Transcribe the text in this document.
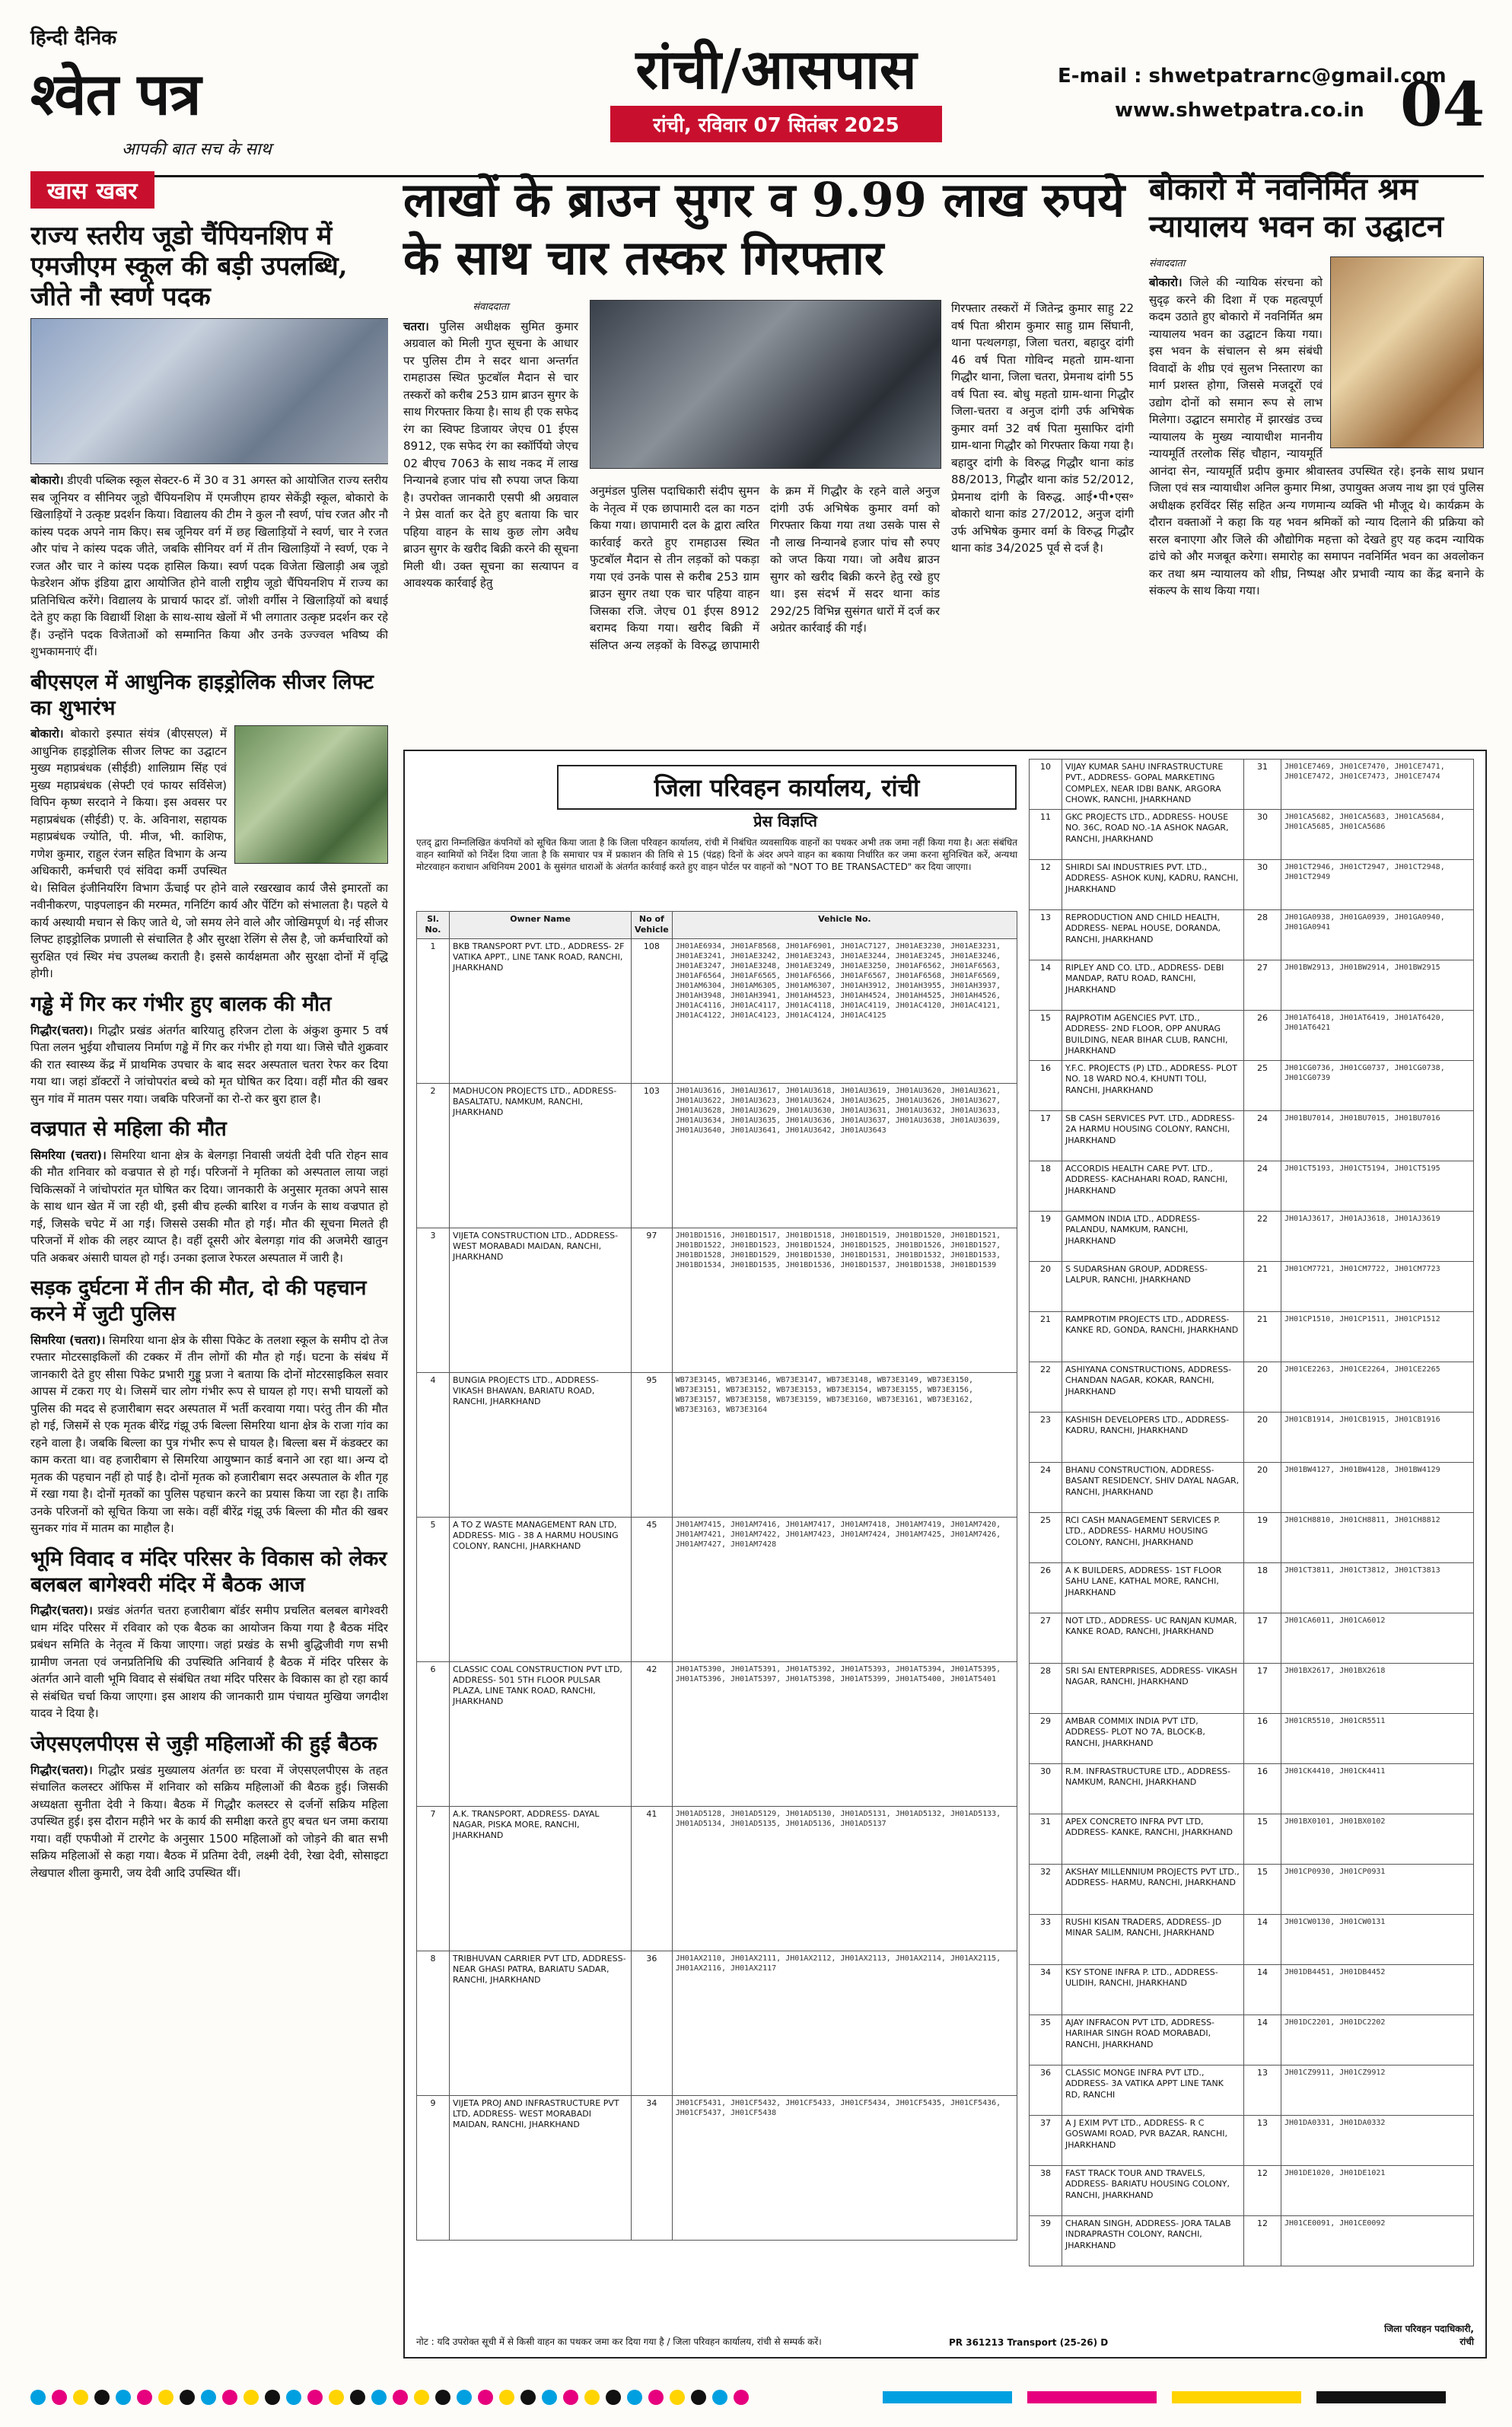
हिन्दी दैनिक
श्वेत पत्र
आपकी बात सच के साथ
रांची/आसपास
रांची, रविवार 07 सितंबर 2025
E-mail : shwetpatrarnc@gmail.com
www.shwetpatra.co.in 04
खास खबर
राज्य स्तरीय जूडो चैंपियनशिप में एमजीएम स्कूल की बड़ी उपलब्धि, जीते नौ स्वर्ण पदक

बोकारो। डीएवी पब्लिक स्कूल सेक्टर-6 में 30 व 31 अगस्त को आयोजित राज्य स्तरीय सब जूनियर व सीनियर जूडो चैंपियनशिप में एमजीएम हायर सेकेंड्री स्कूल, बोकारो के खिलाड़ियों ने उत्कृष्ट प्रदर्शन किया। विद्यालय की टीम ने कुल नौ स्वर्ण, पांच रजत और नौ कांस्य पदक अपने नाम किए। सब जूनियर वर्ग में छह खिलाड़ियों ने स्वर्ण, चार ने रजत और पांच ने कांस्य पदक जीते, जबकि सीनियर वर्ग में तीन खिलाड़ियों ने स्वर्ण, एक ने रजत और चार ने कांस्य पदक हासिल किया। स्वर्ण पदक विजेता खिलाड़ी अब जूडो फेडरेशन ऑफ इंडिया द्वारा आयोजित होने वाली राष्ट्रीय जूडो चैंपियनशिप में राज्य का प्रतिनिधित्व करेंगे। विद्यालय के प्राचार्य फादर डॉ. जोशी वर्गीस ने खिलाड़ियों को बधाई देते हुए कहा कि विद्यार्थी शिक्षा के साथ-साथ खेलों में भी लगातार उत्कृष्ट प्रदर्शन कर रहे हैं। उन्होंने पदक विजेताओं को सम्मानित किया और उनके उज्ज्वल भविष्य की शुभकामनाएं दीं।

बीएसएल में आधुनिक हाइड्रोलिक सीजर लिफ्ट का शुभारंभ

बोकारो। बोकारो इस्पात संयंत्र (बीएसएल) में आधुनिक हाइड्रोलिक सीजर लिफ्ट का उद्घाटन मुख्य महाप्रबंधक (सीईडी) शालिग्राम सिंह एवं मुख्य महाप्रबंधक (सेफ्टी एवं फायर सर्विसेज) विपिन कृष्ण सरदाने ने किया। इस अवसर पर महाप्रबंधक (सीईडी) ए. के. अविनाश, सहायक महाप्रबंधक ज्योति, पी. मीज, भी. काशिफ, गणेश कुमार, राहुल रंजन सहित विभाग के अन्य अधिकारी, कर्मचारी एवं संविदा कर्मी उपस्थित थे। सिविल इंजीनियरिंग विभाग ऊँचाई पर होने वाले रखरखाव कार्य जैसे इमारतों का नवीनीकरण, पाइपलाइन की मरम्मत, गनिटिंग कार्य और पेंटिंग को संभालता है। पहले ये कार्य अस्थायी मचान से किए जाते थे, जो समय लेने वाले और जोखिमपूर्ण थे। नई सीजर लिफ्ट हाइड्रोलिक प्रणाली से संचालित है और सुरक्षा रेलिंग से लैस है, जो कर्मचारियों को सुरक्षित एवं स्थिर मंच उपलब्ध कराती है। इससे कार्यक्षमता और सुरक्षा दोनों में वृद्धि होगी।

गड्ढे में गिर कर गंभीर हुए बालक की मौत

गिद्धौर(चतरा)। गिद्धौर प्रखंड अंतर्गत बारियातु हरिजन टोला के अंकुश कुमार 5 वर्ष पिता ललन भुईया शौचालय निर्माण गड्ढे में गिर कर गंभीर हो गया था। जिसे चौते शुक्रवार की रात स्वास्थ्य केंद्र में प्राथमिक उपचार के बाद सदर अस्पताल चतरा रेफर कर दिया गया था। जहां डॉक्टरों ने जांचोपरांत बच्चे को मृत घोषित कर दिया। वहीं मौत की खबर सुन गांव में मातम पसर गया। जबकि परिजनों का रो-रो कर बुरा हाल है।

वज्रपात से महिला की मौत

सिमरिया (चतरा)। सिमरिया थाना क्षेत्र के बेलगड़ा निवासी जयंती देवी पति रोहन साव की मौत शनिवार को वज्रपात से हो गई। परिजनों ने मृतिका को अस्पताल लाया जहां चिकित्सकों ने जांचोपरांत मृत घोषित कर दिया। जानकारी के अनुसार मृतका अपने सास के साथ धान खेत में जा रही थी, इसी बीच हल्की बारिश व गर्जन के साथ वज्रपात हो गई, जिसके चपेट में आ गई। जिससे उसकी मौत हो गई। मौत की सूचना मिलते ही परिजनों में शोक की लहर व्याप्त है। वहीं दूसरी ओर बेलगड़ा गांव की अजमेरी खातुन पति अकबर अंसारी घायल हो गई। उनका इलाज रेफरल अस्पताल में जारी है।

सड़क दुर्घटना में तीन की मौत, दो की पहचान करने में जुटी पुलिस

सिमरिया (चतरा)। सिमरिया थाना क्षेत्र के सीसा पिकेट के तलशा स्कूल के समीप दो तेज रफ्तार मोटरसाइकिलों की टक्कर में तीन लोगों की मौत हो गई। घटना के संबंध में जानकारी देते हुए सीसा पिकेट प्रभारी गुड्डू प्रजा ने बताया कि दोनों मोटरसाइकिल सवार आपस में टकरा गए थे। जिसमें चार लोग गंभीर रूप से घायल हो गए। सभी घायलों को पुलिस की मदद से हजारीबाग सदर अस्पताल में भर्ती करवाया गया। परंतु तीन की मौत हो गई, जिसमें से एक मृतक बीरेंद्र गंझू उर्फ बिल्ला सिमरिया थाना क्षेत्र के राजा गांव का रहने वाला है। जबकि बिल्ला का पुत्र गंभीर रूप से घायल है। बिल्ला बस में कंडक्टर का काम करता था। वह हजारीबाग से सिमरिया आयुष्मान कार्ड बनाने आ रहा था। अन्य दो मृतक की पहचान नहीं हो पाई है। दोनों मृतक को हजारीबाग सदर अस्पताल के शीत गृह में रखा गया है। दोनों मृतकों का पुलिस पहचान करने का प्रयास किया जा रहा है। ताकि उनके परिजनों को सूचित किया जा सके। वहीं बीरेंद्र गंझू उर्फ बिल्ला की मौत की खबर सुनकर गांव में मातम का माहौल है।

भूमि विवाद व मंदिर परिसर के विकास को लेकर बलबल बागेश्वरी मंदिर में बैठक आज

गिद्धौर(चतरा)। प्रखंड अंतर्गत चतरा हजारीबाग बॉर्डर समीप प्रचलित बलबल बागेश्वरी धाम मंदिर परिसर में रविवार को एक बैठक का आयोजन किया गया है बैठक मंदिर प्रबंधन समिति के नेतृत्व में किया जाएगा। जहां प्रखंड के सभी बुद्धिजीवी गण सभी ग्रामीण जनता एवं जनप्रतिनिधि की उपस्थिति अनिवार्य है बैठक में मंदिर परिसर के अंतर्गत आने वाली भूमि विवाद से संबंधित तथा मंदिर परिसर के विकास का हो रहा कार्य से संबंधित चर्चा किया जाएगा। इस आशय की जानकारी ग्राम पंचायत मुखिया जगदीश यादव ने दिया है।

जेएसएलपीएस से जुड़ी महिलाओं की हुई बैठक

गिद्धौर(चतरा)। गिद्धौर प्रखंड मुख्यालय अंतर्गत छः घरवा में जेएसएलपीएस के तहत संचालित कलस्टर ऑफिस में शनिवार को सक्रिय महिलाओं की बैठक हुई। जिसकी अध्यक्षता सुनीता देवी ने किया। बैठक में गिद्धौर कलस्टर से दर्जनों सक्रिय महिला उपस्थित हुई। इस दौरान महीने भर के कार्य की समीक्षा करते हुए बचत धन जमा कराया गया। वहीं एफपीओ में टारगेट के अनुसार 1500 महिलाओं को जोड़ने की बात सभी सक्रिय महिलाओं से कहा गया। बैठक में प्रतिमा देवी, लक्ष्मी देवी, रेखा देवी, सोसाइटा लेखपाल शीला कुमारी, जय देवी आदि उपस्थित थीं।

लाखों के ब्राउन सुगर व 9.99 लाख रुपये के साथ चार तस्कर गिरफ्तार
संवाददाता

चतरा। पुलिस अधीक्षक सुमित कुमार अग्रवाल को मिली गुप्त सूचना के आधार पर पुलिस टीम ने सदर थाना अन्तर्गत रामहाउस स्थित फुटबॉल मैदान से चार तस्करों को करीब 253 ग्राम ब्राउन सुगर के साथ गिरफ्तार किया है। साथ ही एक सफेद रंग का स्विफ्ट डिजायर जेएच 01 ईएस 8912, एक सफेद रंग का स्कॉर्पियो जेएच 02 बीएच 7063 के साथ नकद में लाख निन्यानबे हजार पांच सौ रुपया जप्त किया है। उपरोक्त जानकारी एसपी श्री अग्रवाल ने प्रेस वार्ता कर देते हुए बताया कि चार पहिया वाहन के साथ कुछ लोग अवैध ब्राउन सुगर के खरीद बिक्री करने की सूचना मिली थी। उक्त सूचना का सत्यापन व आवश्यक कार्रवाई हेतु

अनुमंडल पुलिस पदाधिकारी संदीप सुमन के नेतृत्व में एक छापामारी दल का गठन किया गया। छापामारी दल के द्वारा त्वरित कार्रवाई करते हुए रामहाउस स्थित फुटबॉल मैदान से तीन लड़कों को पकड़ा गया एवं उनके पास से करीब 253 ग्राम ब्राउन सुगर तथा एक चार पहिया वाहन जिसका रजि. जेएच 01 ईएस 8912 बरामद किया गया। खरीद बिक्री में संलिप्त अन्य लड़कों के विरुद्ध छापामारी के क्रम में गिद्धौर के रहने वाले अनुज दांगी उर्फ अभिषेक कुमार वर्मा को गिरफ्तार किया गया तथा उसके पास से नौ लाख निन्यानबे हजार पांच सौ रुपए को जप्त किया गया। जो अवैध ब्राउन सुगर को खरीद बिक्री करने हेतु रखे हुए था। इस संदर्भ में सदर थाना कांड 292/25 विभिन्न सुसंगत धारों में दर्ज कर अग्रेतर कार्रवाई की गई।

गिरफ्तार तस्करों में जितेन्द्र कुमार साहु 22 वर्ष पिता श्रीराम कुमार साहु ग्राम सिंघानी, थाना पत्थलगड़ा, जिला चतरा, बहादुर दांगी 46 वर्ष पिता गोविन्द महतो ग्राम-थाना गिद्धौर थाना, जिला चतरा, प्रेमनाथ दांगी 55 वर्ष पिता स्व. बोधु महतो ग्राम-थाना गिद्धौर जिला-चतरा व अनुज दांगी उर्फ अभिषेक कुमार वर्मा 32 वर्ष पिता मुसाफिर दांगी ग्राम-थाना गिद्धौर को गिरफ्तार किया गया है। बहादुर दांगी के विरुद्ध गिद्धौर थाना कांड 88/2013, गिद्धौर थाना कांड 52/2012, प्रेमनाथ दांगी के विरुद्ध. आई•पी•एस॰ बोकारो थाना कांड 27/2012, अनुज दांगी उर्फ अभिषेक कुमार वर्मा के विरुद्ध गिद्धौर थाना कांड 34/2025 पूर्व से दर्ज है।

बोकारो में नवनिर्मित श्रम न्यायालय भवन का उद्घाटन
संवाददाता

बोकारो। जिले की न्यायिक संरचना को सुदृढ़ करने की दिशा में एक महत्वपूर्ण कदम उठाते हुए बोकारो में नवनिर्मित श्रम न्यायालय भवन का उद्घाटन किया गया। इस भवन के संचालन से श्रम संबंधी विवादों के शीघ्र एवं सुलभ निस्तारण का मार्ग प्रशस्त होगा, जिससे मजदूरों एवं उद्योग दोनों को समान रूप से लाभ मिलेगा। उद्घाटन समारोह में झारखंड उच्च न्यायालय के मुख्य न्यायाधीश माननीय न्यायमूर्ति तरलोक सिंह चौहान, न्यायमूर्ति आनंदा सेन, न्यायमूर्ति प्रदीप कुमार श्रीवास्तव उपस्थित रहे। इनके साथ प्रधान जिला एवं सत्र न्यायाधीश अनिल कुमार मिश्रा, उपायुक्त अजय नाथ झा एवं पुलिस अधीक्षक हरविंदर सिंह सहित अन्य गणमान्य व्यक्ति भी मौजूद थे। कार्यक्रम के दौरान वक्ताओं ने कहा कि यह भवन श्रमिकों को न्याय दिलाने की प्रक्रिया को सरल बनाएगा और जिले की औद्योगिक महत्ता को देखते हुए यह कदम न्यायिक ढांचे को और मजबूत करेगा। समारोह का समापन नवनिर्मित भवन का अवलोकन कर तथा श्रम न्यायालय को शीघ्र, निष्पक्ष और प्रभावी न्याय का केंद्र बनाने के संकल्प के साथ किया गया।

जिला परिवहन कार्यालय, रांची
प्रेस विज्ञप्ति
एतद् द्वारा निम्नलिखित कंपनियों को सूचित किया जाता है कि जिला परिवहन कार्यालय, रांची में निबंधित व्यवसायिक वाहनों का पथकर अभी तक जमा नहीं किया गया है। अतः संबंधित वाहन स्वामियों को निर्देश दिया जाता है कि समाचार पत्र में प्रकाशन की तिथि से 15 (पंद्रह) दिनों के अंदर अपने वाहन का बकाया निर्धारित कर जमा करना सुनिश्चित करें, अन्यथा मोटरवाहन कराधान अधिनियम 2001 के सुसंगत धाराओं के अंतर्गत कार्रवाई करते हुए वाहन पोर्टल पर वाहनों को "NOT TO BE TRANSACTED" कर दिया जाएगा।
Sl. No.	Owner Name	No of Vehicle	Vehicle No.
1	BKB TRANSPORT PVT. LTD., ADDRESS- 2F VATIKA APPT., LINE TANK ROAD, RANCHI, JHARKHAND	108	JH01AE6934, JH01AF8568, JH01AF6901, JH01AC7127, JH01AE3230, JH01AE3231, JH01AE3241, JH01AE3242, JH01AE3243, JH01AE3244, JH01AE3245, JH01AE3246, JH01AE3247, JH01AE3248, JH01AE3249, JH01AE3250, JH01AF6562, JH01AF6563, JH01AF6564, JH01AF6565, JH01AF6566, JH01AF6567, JH01AF6568, JH01AF6569, JH01AM6304, JH01AM6305, JH01AM6307, JH01AH3912, JH01AH3955, JH01AH3937, JH01AH3948, JH01AH3941, JH01AH4523, JH01AH4524, JH01AH4525, JH01AH4526, JH01AC4116, JH01AC4117, JH01AC4118, JH01AC4119, JH01AC4120, JH01AC4121, JH01AC4122, JH01AC4123, JH01AC4124, JH01AC4125
2	MADHUCON PROJECTS LTD., ADDRESS- BASALTATU, NAMKUM, RANCHI, JHARKHAND	103	JH01AU3616, JH01AU3617, JH01AU3618, JH01AU3619, JH01AU3620, JH01AU3621, JH01AU3622, JH01AU3623, JH01AU3624, JH01AU3625, JH01AU3626, JH01AU3627, JH01AU3628, JH01AU3629, JH01AU3630, JH01AU3631, JH01AU3632, JH01AU3633, JH01AU3634, JH01AU3635, JH01AU3636, JH01AU3637, JH01AU3638, JH01AU3639, JH01AU3640, JH01AU3641, JH01AU3642, JH01AU3643
3	VIJETA CONSTRUCTION LTD., ADDRESS- WEST MORABADI MAIDAN, RANCHI, JHARKHAND	97	JH01BD1516, JH01BD1517, JH01BD1518, JH01BD1519, JH01BD1520, JH01BD1521, JH01BD1522, JH01BD1523, JH01BD1524, JH01BD1525, JH01BD1526, JH01BD1527, JH01BD1528, JH01BD1529, JH01BD1530, JH01BD1531, JH01BD1532, JH01BD1533, JH01BD1534, JH01BD1535, JH01BD1536, JH01BD1537, JH01BD1538, JH01BD1539
4	BUNGIA PROJECTS LTD., ADDRESS- VIKASH BHAWAN, BARIATU ROAD, RANCHI, JHARKHAND	95	WB73E3145, WB73E3146, WB73E3147, WB73E3148, WB73E3149, WB73E3150, WB73E3151, WB73E3152, WB73E3153, WB73E3154, WB73E3155, WB73E3156, WB73E3157, WB73E3158, WB73E3159, WB73E3160, WB73E3161, WB73E3162, WB73E3163, WB73E3164
5	A TO Z WASTE MANAGEMENT RAN LTD, ADDRESS- MIG - 38 A HARMU HOUSING COLONY, RANCHI, JHARKHAND	45	JH01AM7415, JH01AM7416, JH01AM7417, JH01AM7418, JH01AM7419, JH01AM7420, JH01AM7421, JH01AM7422, JH01AM7423, JH01AM7424, JH01AM7425, JH01AM7426, JH01AM7427, JH01AM7428
6	CLASSIC COAL CONSTRUCTION PVT LTD, ADDRESS- 501 5TH FLOOR PULSAR PLAZA, LINE TANK ROAD, RANCHI, JHARKHAND	42	JH01AT5390, JH01AT5391, JH01AT5392, JH01AT5393, JH01AT5394, JH01AT5395, JH01AT5396, JH01AT5397, JH01AT5398, JH01AT5399, JH01AT5400, JH01AT5401
7	A.K. TRANSPORT, ADDRESS- DAYAL NAGAR, PISKA MORE, RANCHI, JHARKHAND	41	JH01AD5128, JH01AD5129, JH01AD5130, JH01AD5131, JH01AD5132, JH01AD5133, JH01AD5134, JH01AD5135, JH01AD5136, JH01AD5137
8	TRIBHUVAN CARRIER PVT LTD, ADDRESS- NEAR GHASI PATRA, BARIATU SADAR, RANCHI, JHARKHAND	36	JH01AX2110, JH01AX2111, JH01AX2112, JH01AX2113, JH01AX2114, JH01AX2115, JH01AX2116, JH01AX2117
9	VIJETA PROJ AND INFRASTRUCTURE PVT LTD, ADDRESS- WEST MORABADI MAIDAN, RANCHI, JHARKHAND	34	JH01CF5431, JH01CF5432, JH01CF5433, JH01CF5434, JH01CF5435, JH01CF5436, JH01CF5437, JH01CF5438
10	VIJAY KUMAR SAHU INFRASTRUCTURE PVT., ADDRESS- GOPAL MARKETING COMPLEX, NEAR IDBI BANK, ARGORA CHOWK, RANCHI, JHARKHAND	31	JH01CE7469, JH01CE7470, JH01CE7471, JH01CE7472, JH01CE7473, JH01CE7474
11	GKC PROJECTS LTD., ADDRESS- HOUSE NO. 36C, ROAD NO.-1A ASHOK NAGAR, RANCHI, JHARKHAND	30	JH01CA5682, JH01CA5683, JH01CA5684, JH01CA5685, JH01CA5686
12	SHIRDI SAI INDUSTRIES PVT. LTD., ADDRESS- ASHOK KUNJ, KADRU, RANCHI, JHARKHAND	30	JH01CT2946, JH01CT2947, JH01CT2948, JH01CT2949
13	REPRODUCTION AND CHILD HEALTH, ADDRESS- NEPAL HOUSE, DORANDA, RANCHI, JHARKHAND	28	JH01GA0938, JH01GA0939, JH01GA0940, JH01GA0941
14	RIPLEY AND CO. LTD., ADDRESS- DEBI MANDAP, RATU ROAD, RANCHI, JHARKHAND	27	JH01BW2913, JH01BW2914, JH01BW2915
15	RAJPROTIM AGENCIES PVT. LTD., ADDRESS- 2ND FLOOR, OPP ANURAG BUILDING, NEAR BIHAR CLUB, RANCHI, JHARKHAND	26	JH01AT6418, JH01AT6419, JH01AT6420, JH01AT6421
16	Y.F.C. PROJECTS (P) LTD., ADDRESS- PLOT NO. 18 WARD NO.4, KHUNTI TOLI, RANCHI, JHARKHAND	25	JH01CG0736, JH01CG0737, JH01CG0738, JH01CG0739
17	SB CASH SERVICES PVT. LTD., ADDRESS- 2A HARMU HOUSING COLONY, RANCHI, JHARKHAND	24	JH01BU7014, JH01BU7015, JH01BU7016
18	ACCORDIS HEALTH CARE PVT. LTD., ADDRESS- KACHAHARI ROAD, RANCHI, JHARKHAND	24	JH01CT5193, JH01CT5194, JH01CT5195
19	GAMMON INDIA LTD., ADDRESS- PALANDU, NAMKUM, RANCHI, JHARKHAND	22	JH01AJ3617, JH01AJ3618, JH01AJ3619
20	S SUDARSHAN GROUP, ADDRESS- LALPUR, RANCHI, JHARKHAND	21	JH01CM7721, JH01CM7722, JH01CM7723
21	RAMPROTIM PROJECTS LTD., ADDRESS- KANKE RD, GONDA, RANCHI, JHARKHAND	21	JH01CP1510, JH01CP1511, JH01CP1512
22	ASHIYANA CONSTRUCTIONS, ADDRESS- CHANDAN NAGAR, KOKAR, RANCHI, JHARKHAND	20	JH01CE2263, JH01CE2264, JH01CE2265
23	KASHISH DEVELOPERS LTD., ADDRESS- KADRU, RANCHI, JHARKHAND	20	JH01CB1914, JH01CB1915, JH01CB1916
24	BHANU CONSTRUCTION, ADDRESS- BASANT RESIDENCY, SHIV DAYAL NAGAR, RANCHI, JHARKHAND	20	JH01BW4127, JH01BW4128, JH01BW4129
25	RCI CASH MANAGEMENT SERVICES P. LTD., ADDRESS- HARMU HOUSING COLONY, RANCHI, JHARKHAND	19	JH01CH8810, JH01CH8811, JH01CH8812
26	A K BUILDERS, ADDRESS- 1ST FLOOR SAHU LANE, KATHAL MORE, RANCHI, JHARKHAND	18	JH01CT3811, JH01CT3812, JH01CT3813
27	NOT LTD., ADDRESS- UC RANJAN KUMAR, KANKE ROAD, RANCHI, JHARKHAND	17	JH01CA6011, JH01CA6012
28	SRI SAI ENTERPRISES, ADDRESS- VIKASH NAGAR, RANCHI, JHARKHAND	17	JH01BX2617, JH01BX2618
29	AMBAR COMMIX INDIA PVT LTD, ADDRESS- PLOT NO 7A, BLOCK-B, RANCHI, JHARKHAND	16	JH01CR5510, JH01CR5511
30	R.M. INFRASTRUCTURE LTD., ADDRESS- NAMKUM, RANCHI, JHARKHAND	16	JH01CK4410, JH01CK4411
31	APEX CONCRETO INFRA PVT LTD, ADDRESS- KANKE, RANCHI, JHARKHAND	15	JH01BX0101, JH01BX0102
32	AKSHAY MILLENNIUM PROJECTS PVT LTD., ADDRESS- HARMU, RANCHI, JHARKHAND	15	JH01CP0930, JH01CP0931
33	RUSHI KISAN TRADERS, ADDRESS- JD MINAR SALIM, RANCHI, JHARKHAND	14	JH01CW0130, JH01CW0131
34	KSY STONE INFRA P. LTD., ADDRESS- ULIDIH, RANCHI, JHARKHAND	14	JH01DB4451, JH01DB4452
35	AJAY INFRACON PVT LTD, ADDRESS- HARIHAR SINGH ROAD MORABADI, RANCHI, JHARKHAND	14	JH01DC2201, JH01DC2202
36	CLASSIC MONGE INFRA PVT LTD., ADDRESS- 3A VATIKA APPT LINE TANK RD, RANCHI	13	JH01CZ9911, JH01CZ9912
37	A J EXIM PVT LTD., ADDRESS- R C GOSWAMI ROAD, PVR BAZAR, RANCHI, JHARKHAND	13	JH01DA0331, JH01DA0332
38	FAST TRACK TOUR AND TRAVELS, ADDRESS- BARIATU HOUSING COLONY, RANCHI, JHARKHAND	12	JH01DE1020, JH01DE1021
39	CHARAN SINGH, ADDRESS- JORA TALAB INDRAPRASTH COLONY, RANCHI, JHARKHAND	12	JH01CE0091, JH01CE0092
नोट : यदि उपरोक्त सूची में से किसी वाहन का पथकर जमा कर दिया गया है / जिला परिवहन कार्यालय, रांची से सम्पर्क करें।	PR 361213 Transport (25-26) D
जिला परिवहन पदाधिकारी,
रांची
